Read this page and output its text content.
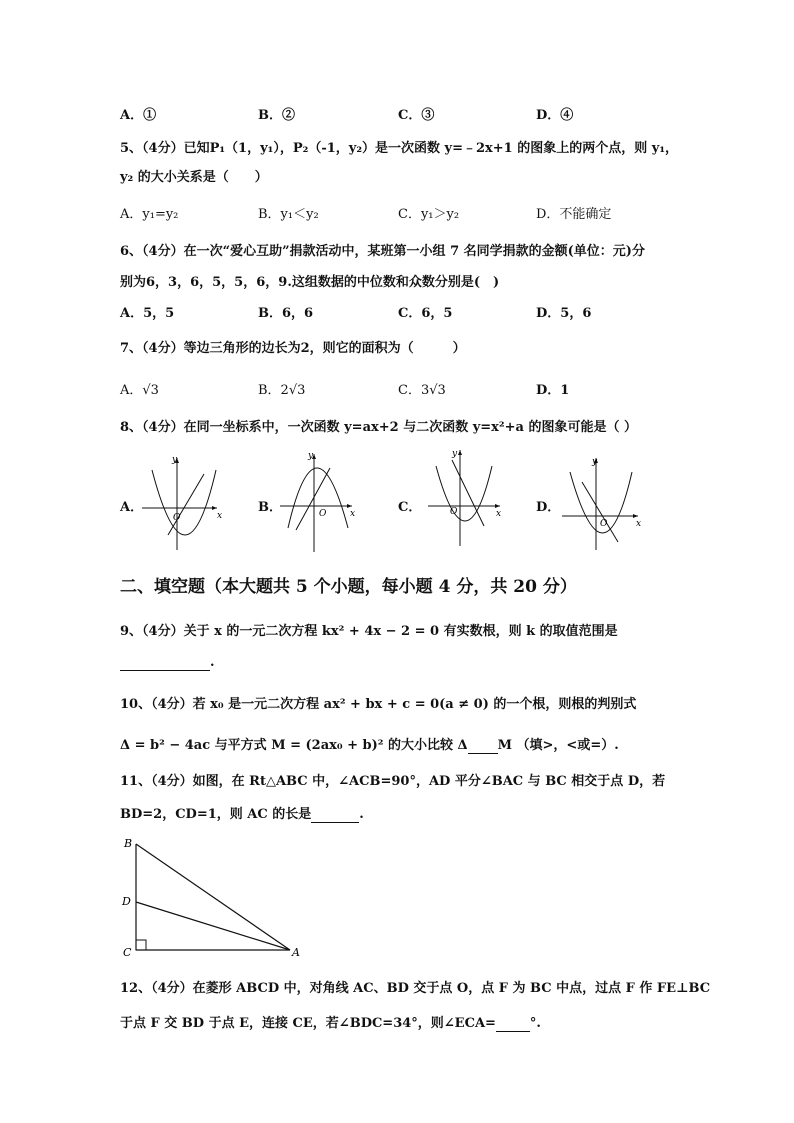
A．①	B．②	C．③	D．④
5、（4分）已知P₁（1，y₁），P₂（-1，y₂）是一次函数 y=﹣2x+1 的图象上的两个点，则 y₁，
y₂ 的大小关系是（　　）
A．y₁=y₂	B．y₁＜y₂	C．y₁＞y₂	D．不能确定
6、（4分）在一次“爱心互助”捐款活动中，某班第一小组 7 名同学捐款的金额(单位：元)分
别为6，3，6，5，5，6，9.这组数据的中位数和众数分别是(　)
A．5，5	B．6，6	C．6，5	D．5，6
7、（4分）等边三角形的边长为2，则它的面积为（　　　）
A．√3	B．2√3	C．3√3	D．1
8、（4分）在同一坐标系中，一次函数 y=ax+2 与二次函数 y=x²+a 的图象可能是（ ）
A．	B．	C．	D．
y
x
O
y
x
O
y
x
O
y
x
O
二、填空题（本大题共 5 个小题，每小题 4 分，共 20 分）
9、（4分）关于 x 的一元二次方程 kx² + 4x − 2 = 0 有实数根，则 k 的取值范围是
.
10、（4分）若 x₀ 是一元二次方程 ax² + bx + c = 0(a ≠ 0) 的一个根，则根的判别式
Δ = b² − 4ac 与平方式 M = (2ax₀ + b)² 的大小比较 Δ M （填>，<或=）.
11、（4分）如图，在 Rt△ABC 中，∠ACB=90°，AD 平分∠BAC 与 BC 相交于点 D，若
BD=2，CD=1，则 AC 的长是	.
B
D
C	A
12、（4分）在菱形 ABCD 中，对角线 AC、BD 交于点 O，点 F 为 BC 中点，过点 F 作 FE⊥BC
于点 F 交 BD 于点 E，连接 CE，若∠BDC=34°，则∠ECA=	°.
